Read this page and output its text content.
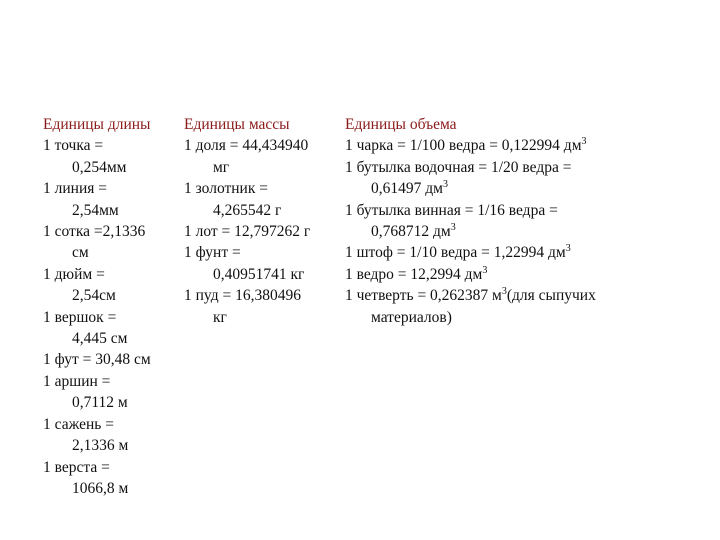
Единицы длины
1 точка =
0,254мм
1 линия =
2,54мм
1 сотка =2,1336
см
1 дюйм =
2,54см
1 вершок =
4,445 см
1 фут = 30,48 см
1 аршин =
0,7112 м
1 сажень =
2,1336 м
1 верста =
1066,8 м
Единицы массы
1 доля = 44,434940
мг
1 золотник =
4,265542 г
1 лот = 12,797262 г
1 фунт =
0,40951741 кг
1 пуд = 16,380496
кг
Единицы объема
1 чарка = 1/100 ведра = 0,122994 $дм^3$
1 бутылка водочная = 1/20 ведра =
0,61497 $дм^3$
1 бутылка винная = 1/16 ведра =
0,768712 $дм^3$
1 штоф = 1/10 ведра = 1,22994 $дм^3$
1 ведро = 12,2994 $дм^3$
1 четверть = 0,262387 $м^3(для$ сыпучих
материалов)
